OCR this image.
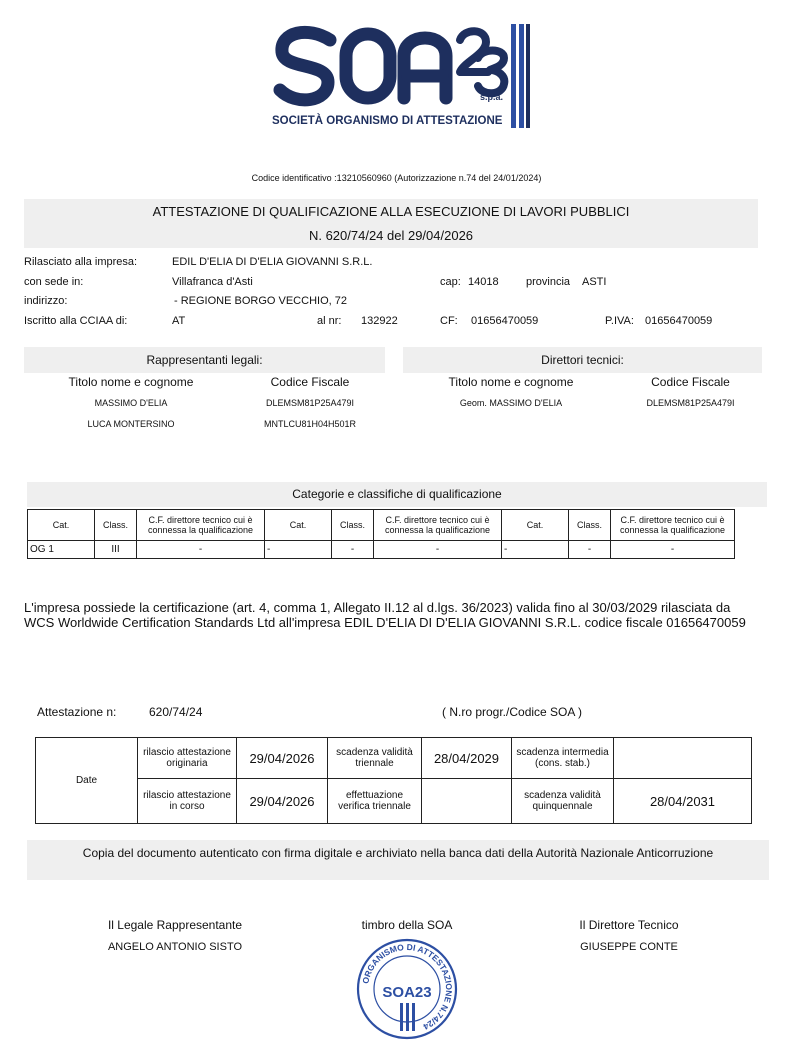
s.p.a.
SOCIETÀ ORGANISMO DI ATTESTAZIONE
Codice identificativo :13210560960 (Autorizzazione n.74 del 24/01/2024)
ATTESTAZIONE DI QUALIFICAZIONE ALLA ESECUZIONE DI LAVORI PUBBLICI
N. 620/74/24 del 29/04/2026
Rilasciato alla impresa:	EDIL D'ELIA DI D'ELIA GIOVANNI S.R.L.
con sede in:	Villafranca d'Asti	cap: 14018 provincia ASTI
indirizzo:	- REGIONE BORGO VECCHIO, 72
Iscritto alla CCIAA di:	AT	al nr: 132922	CF: 01656470059	P.IVA: 01656470059
Rappresentanti legali:
Titolo nome e cognome	Codice Fiscale
MASSIMO D'ELIA	DLEMSM81P25A479I
LUCA MONTERSINO	MNTLCU81H04H501R
Direttori tecnici:
Titolo nome e cognome	Codice Fiscale
Geom. MASSIMO D'ELIA	DLEMSM81P25A479I
Categorie e classifiche di qualificazione
Cat.	Class.	C.F. direttore tecnico cui è connessa la qualificazione	Cat.	Class.	C.F. direttore tecnico cui è connessa la qualificazione	Cat.	Class.	C.F. direttore tecnico cui è connessa la qualificazione
OG 1	III	-	-	-	-	-	-	-
L'impresa possiede la certificazione (art. 4, comma 1, Allegato II.12 al d.lgs. 36/2023) valida fino al 30/03/2029 rilasciata da WCS Worldwide Certification Standards Ltd all'impresa EDIL D'ELIA DI D'ELIA GIOVANNI S.R.L. codice fiscale 01656470059
Attestazione n:	620/74/24	( N.ro progr./Codice SOA )
Date	rilascio attestazione originaria	29/04/2026	scadenza validità triennale	28/04/2029	scadenza intermedia (cons. stab.)	
	rilascio attestazione in corso	29/04/2026	effettuazione verifica triennale		scadenza validità quinquennale	28/04/2031
Copia del documento autenticato con firma digitale e archiviato nella banca dati della Autorità Nazionale Anticorruzione
Il Legale Rappresentante
ANGELO ANTONIO SISTO
timbro della SOA	Il Direttore Tecnico
GIUSEPPE CONTE
ORGANISMO DI ATTESTAZIONE N.74/24
SOA23
